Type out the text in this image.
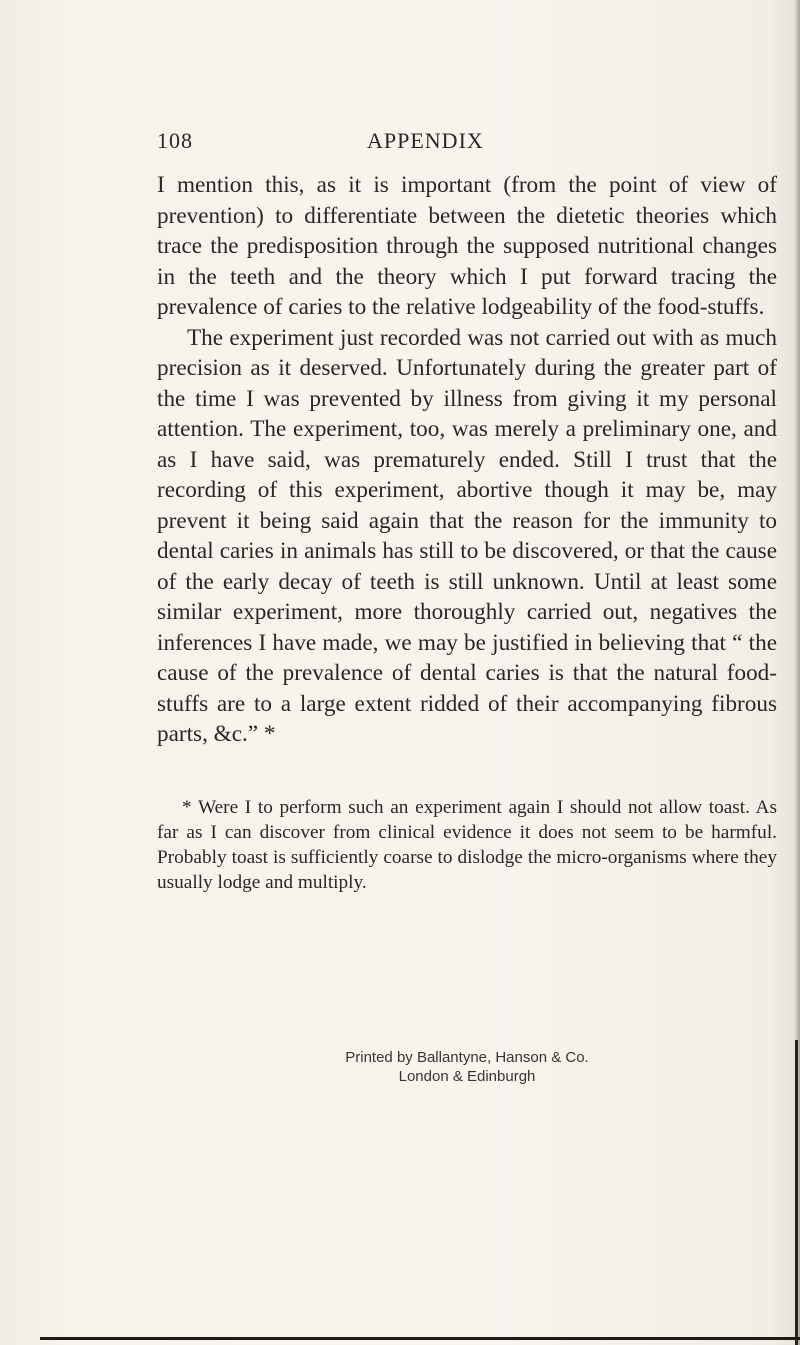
108	APPENDIX

I mention this, as it is important (from the point of view of prevention) to differentiate between the dietetic theories which trace the predisposition through the supposed nutritional changes in the teeth and the theory which I put forward tracing the prevalence of caries to the relative lodgeability of the food-stuffs.

The experiment just recorded was not carried out with as much precision as it deserved. Unfortunately during the greater part of the time I was prevented by illness from giving it my personal attention. The experiment, too, was merely a preliminary one, and as I have said, was prematurely ended. Still I trust that the recording of this experiment, abortive though it may be, may prevent it being said again that the reason for the immunity to dental caries in animals has still to be discovered, or that the cause of the early decay of teeth is still unknown. Until at least some similar experiment, more thoroughly carried out, negatives the inferences I have made, we may be justified in believing that “ the cause of the prevalence of dental caries is that the natural food-stuffs are to a large extent ridded of their accompanying fibrous parts, &c.” *

* Were I to perform such an experiment again I should not allow toast. As far as I can discover from clinical evidence it does not seem to be harmful. Probably toast is sufficiently coarse to dislodge the micro-organisms where they usually lodge and multiply.

Printed by Ballantyne, Hanson & Co.
London & Edinburgh
